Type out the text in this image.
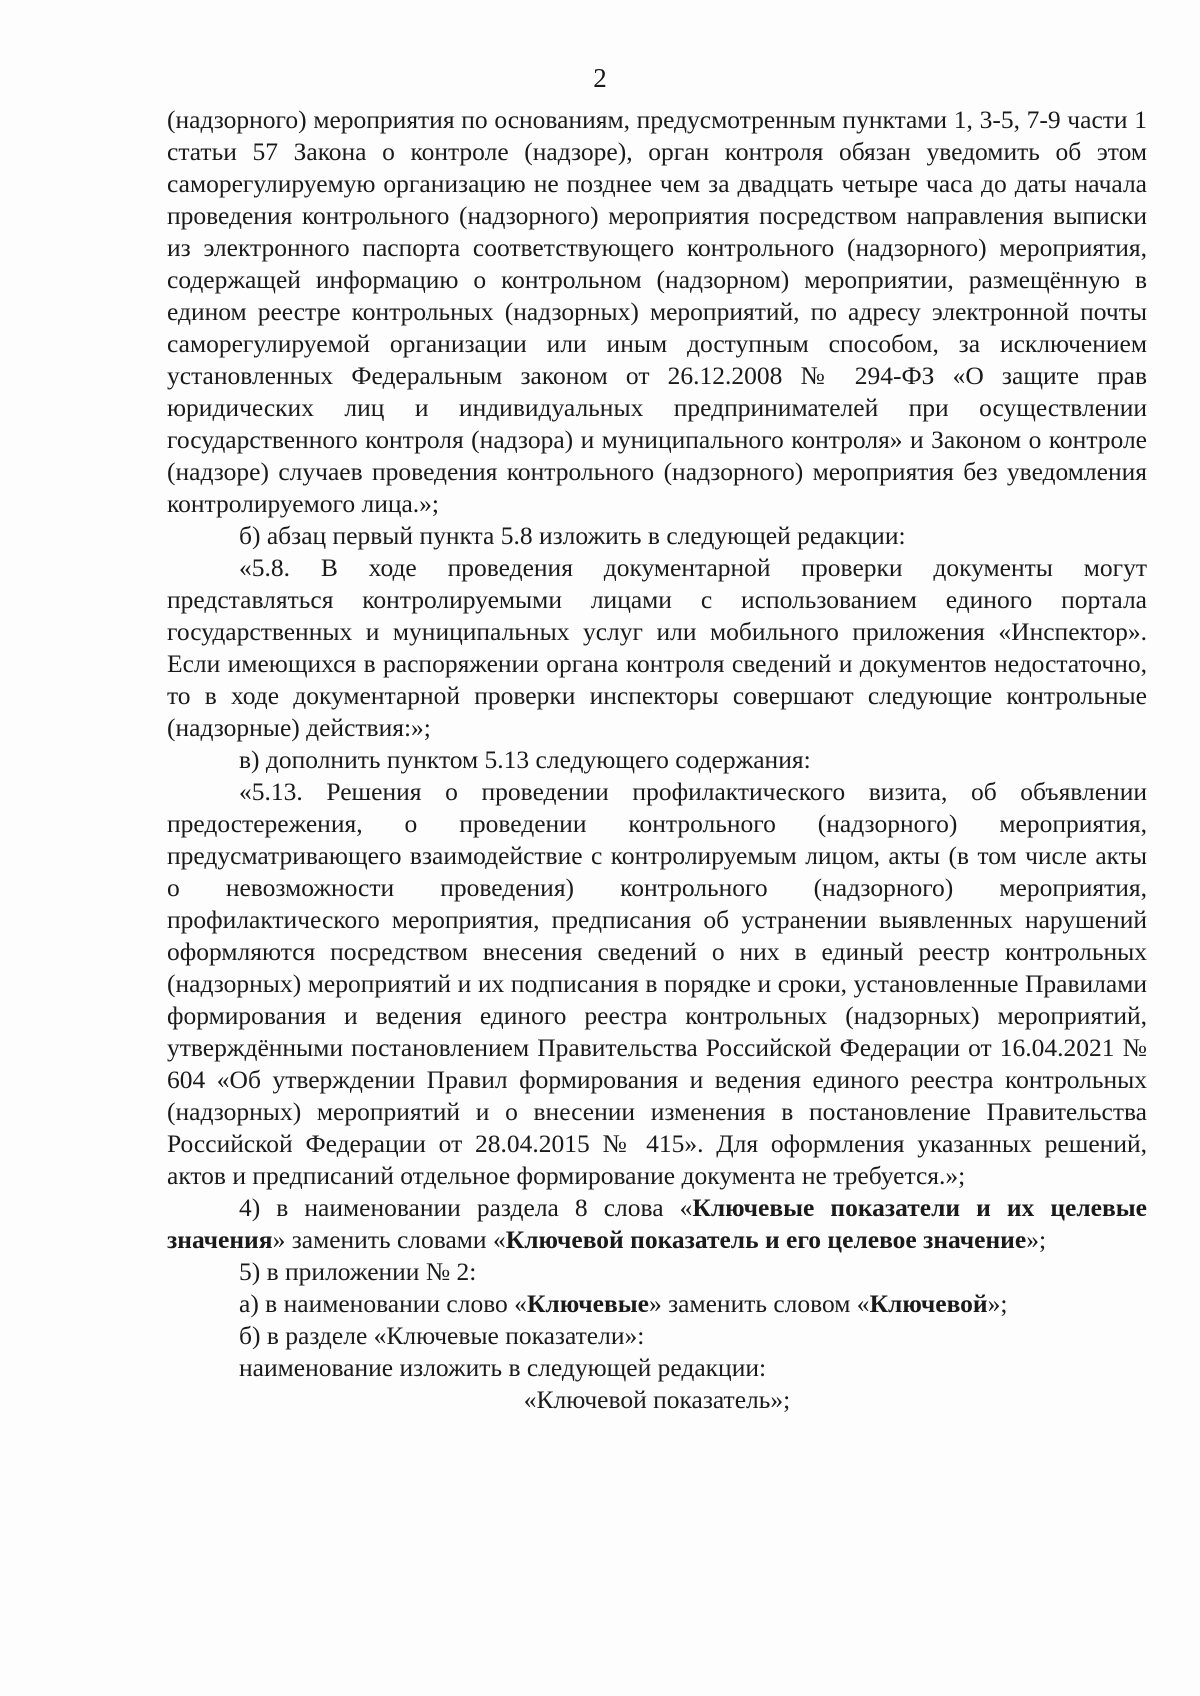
2

(надзорного) мероприятия по основаниям, предусмотренным пунктами 1, 3-5, 7-9 части 1 статьи 57 Закона о контроле (надзоре), орган контроля обязан уведомить об этом саморегулируемую организацию не позднее чем за двадцать четыре часа до даты начала проведения контрольного (надзорного) мероприятия посредством направления выписки из электронного паспорта соответствующего контрольного (надзорного) мероприятия, содержащей информацию о контрольном (надзорном) мероприятии, размещённую в едином реестре контрольных (надзорных) мероприятий, по адресу электронной почты саморегулируемой организации или иным доступным способом, за исключением установленных Федеральным законом от 26.12.2008 № 294-ФЗ «О защите прав юридических лиц и индивидуальных предпринимателей при осуществлении государственного контроля (надзора) и муниципального контроля» и Законом о контроле (надзоре) случаев проведения контрольного (надзорного) мероприятия без уведомления контролируемого лица.»;

б) абзац первый пункта 5.8 изложить в следующей редакции:

«5.8. В ходе проведения документарной проверки документы могут представляться контролируемыми лицами с использованием единого портала государственных и муниципальных услуг или мобильного приложения «Инспектор». Если имеющихся в распоряжении органа контроля сведений и документов недостаточно, то в ходе документарной проверки инспекторы совершают следующие контрольные (надзорные) действия:»;

в) дополнить пунктом 5.13 следующего содержания:

«5.13. Решения о проведении профилактического визита, об объявлении предостережения, о проведении контрольного (надзорного) мероприятия, предусматривающего взаимодействие с контролируемым лицом, акты (в том числе акты о невозможности проведения) контрольного (надзорного) мероприятия, профилактического мероприятия, предписания об устранении выявленных нарушений оформляются посредством внесения сведений о них в единый реестр контрольных (надзорных) мероприятий и их подписания в порядке и сроки, установленные Правилами формирования и ведения единого реестра контрольных (надзорных) мероприятий, утверждёнными постановлением Правительства Российской Федерации от 16.04.2021 № 604 «Об утверждении Правил формирования и ведения единого реестра контрольных (надзорных) мероприятий и о внесении изменения в постановление Правительства Российской Федерации от 28.04.2015 № 415». Для оформления указанных решений, актов и предписаний отдельное формирование документа не требуется.»;

4) в наименовании раздела 8 слова «Ключевые показатели и их целевые значения» заменить словами «Ключевой показатель и его целевое значение»;

5) в приложении № 2:

а) в наименовании слово «Ключевые» заменить словом «Ключевой»;

б) в разделе «Ключевые показатели»:

наименование изложить в следующей редакции:

«Ключевой показатель»;
